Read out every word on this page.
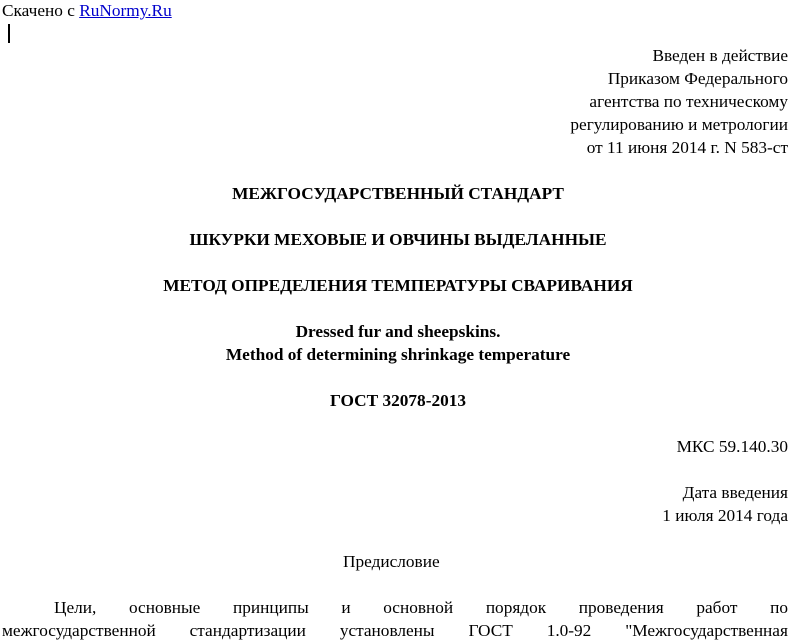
Скачено с RuNormy.Ru
Введен в действие
Приказом Федерального
агентства по техническому
регулированию и метрологии
от 11 июня 2014 г. N 583-ст
МЕЖГОСУДАРСТВЕННЫЙ СТАНДАРТ
ШКУРКИ МЕХОВЫЕ И ОВЧИНЫ ВЫДЕЛАННЫЕ
МЕТОД ОПРЕДЕЛЕНИЯ ТЕМПЕРАТУРЫ СВАРИВАНИЯ
Dressed fur and sheepskins.
Method of determining shrinkage temperature
ГОСТ 32078-2013
МКС 59.140.30
Дата введения
1 июля 2014 года
Предисловие
Цели, основные принципы и основной порядок проведения работ по
межгосударственной стандартизации установлены ГОСТ 1.0-92 "Межгосударственная
